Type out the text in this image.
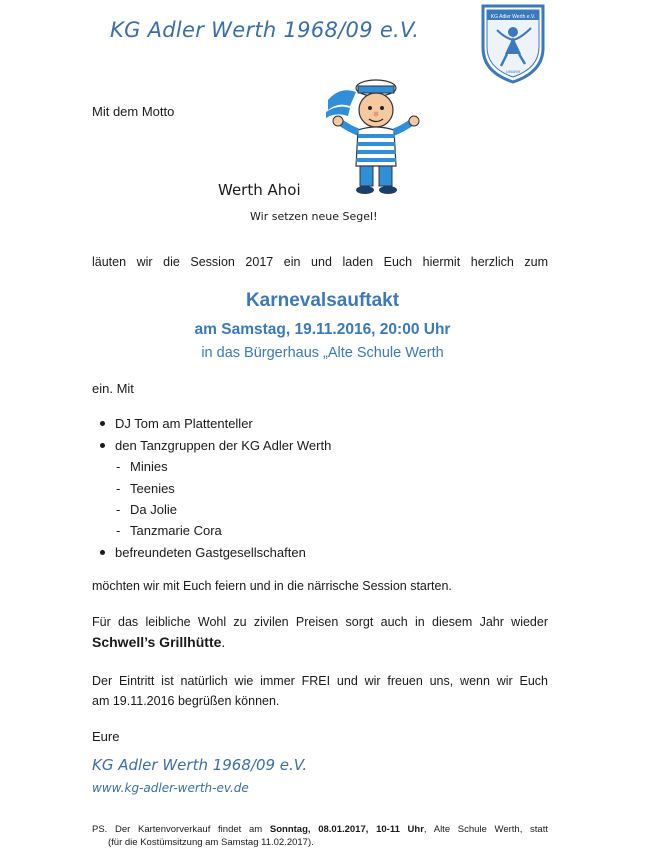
KG Adler Werth 1968/09 e.V.
KG Adler Werth e.V.
1968/09
Mit dem Motto
Werth Ahoi
Wir setzen neue Segel!
läuten wir die Session 2017 ein und laden Euch hiermit herzlich zum
Karnevalsauftakt
am Samstag, 19.11.2016, 20:00 Uhr
in das Bürgerhaus „Alte Schule Werth
ein. Mit
DJ Tom am Plattenteller
den Tanzgruppen der KG Adler Werth
- Minies
- Teenies
- Da Jolie
- Tanzmarie Cora
befreundeten Gastgesellschaften
möchten wir mit Euch feiern und in die närrische Session starten.
Für das leibliche Wohl zu zivilen Preisen sorgt auch in diesem Jahr wieder
Schwell’s Grillhütte.
Der Eintritt ist natürlich wie immer FREI und wir freuen uns, wenn wir Euch
am 19.11.2016 begrüßen können.
Eure
KG Adler Werth 1968/09 e.V.
www.kg-adler-werth-ev.de
PS. Der Kartenvorverkauf findet am Sonntag, 08.01.2017, 10-11 Uhr, Alte Schule Werth, statt
(für die Kostümsitzung am Samstag 11.02.2017).
